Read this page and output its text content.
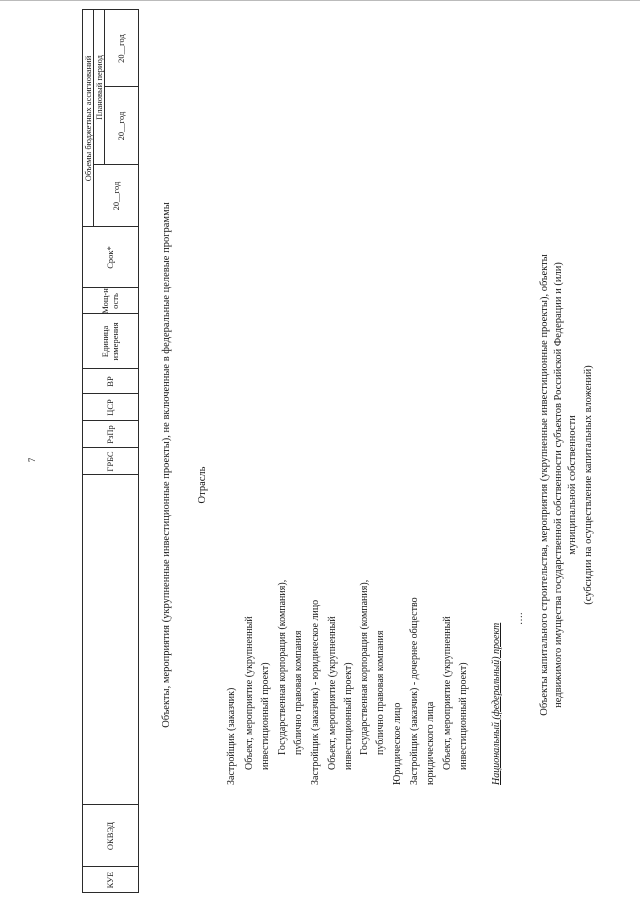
7
КУЕ
ОКВЭД
ГРБС
РзПр
ЦСР
ВР
Единица измерения
Мощ-ность
Срок*
Объемы бюджетных ассигнований
20__год
Плановый период
20__год
20__год
Объекты, мероприятия (укрупненные инвестиционные проекты), не включенные в федеральные целевые программы Отрасль
Застройщик (заказчик) Объект, мероприятие (укрупненный инвестиционный проект) Государственная корпорация (компания), публично правовая компания Застройщик (заказчик) - юридическое лицо Объект, мероприятие (укрупненный инвестиционный проект) Государственная корпорация (компания), публично правовая компания Юридическое лицо Застройщик (заказчик) - дочернее общество юридического лица Объект, мероприятие (укрупненный инвестиционный проект) Национальный (федеральный) проект
…. Объекты капитального строительства, мероприятия (укрупненные инвестиционные проекты), объекты недвижимого имущества государственной собственности субъектов Российской Федерации и (или) муниципальной собственности (субсидии на осуществление капитальных вложений)
